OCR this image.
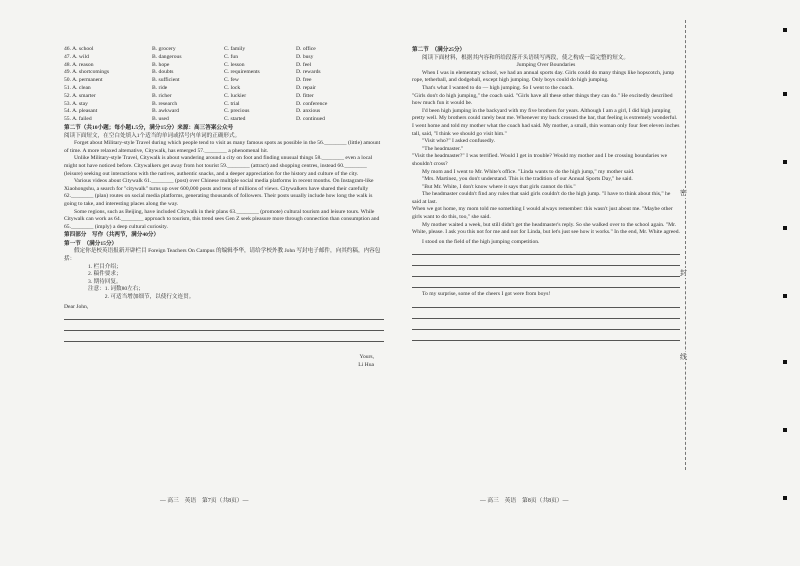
46. A. school	B. grocery	C. family	D. office
47. A. wild	B. dangerous	C. fun	D. busy
48. A. reason	B. hope	C. lesson	D. feel
49. A. shortcomings	B. doubts	C. requirements	D. rewards
50. A. permanent	B. sufficient	C. few	D. free
51. A. clean	B. ride	C. lock	D. repair
52. A. smarter	B. richer	C. luckier	D. fitter
53. A. stay	B. research	C. trial	D. conference
54. A. pleasant	B. awkward	C. precious	D. anxious
55. A. failed	B. used	C. started	D. continued
第二节（共10小题；每小题1.5分，满分15分）来源：高三答案公众号

阅读下面短文，在空白处填入1个适当的单词或括号内单词的正确形式。

Forget about Military-style Travel during which people tend to visit as many famous spots as possible in the 56.________ (little) amount of time. A more relaxed alternative, Citywalk, has emerged 57.________ a phenomenal hit.

Unlike Military-style Travel, Citywalk is about wandering around a city on foot and finding unusual things 58.________ even a local might not have noticed before. Citywalkers get away from hot tourist 59.________ (attract) and shopping centres, instead 60.________ (leisure) seeking out interactions with the natives, authentic snacks, and a deeper appreciation for the history and culture of the city.

Various videos about Citywalk 61.________ (post) over Chinese multiple social media platforms in recent months. On Instagram-like Xiaohongshu, a search for "citywalk" turns up over 600,000 posts and tens of millions of views. Citywalkers have shared their carefully 62.________ (plan) routes on social media platforms, generating thousands of followers. Their posts usually include how long the walk is going to take, and interesting places along the way.

Some regions, such as Beijing, have included Citywalk in their plans 63.________ (promote) cultural tourism and leisure tours. While Citywalk can work as 64.________ approach to tourism, this trend sees Gen Z seek pleasure more through connection than consumption and 65.________ (imply) a deep cultural curiosity.

第四部分　写作（共两节，满分40分）
第一节　（满分15分）

假定你是校英语报新开辟栏目 Foreign Teachers On Campus 的编辑李华，请给学校外教 John 写封电子邮件，向其约稿，内容包括：

1. 栏目介绍；
2. 稿件要求；
3. 期待回复。
注意： 1. 词数80左右；
2. 可适当增加细节，以使行文连贯。
Dear John,
Yours,
Li Hua
— 高三　英语　第7页（共8页）—
第二节　（满分25分）

阅读下面材料，根据其内容和所给段落开头语续写两段，使之构成一篇完整的短文。

Jumping Over Boundaries

When I was in elementary school, we had an annual sports day. Girls could do many things like hopscotch, jump rope, tetherball, and dodgeball, except high jumping. Only boys could do high jumping.

That's what I wanted to do — high jumping. So I went to the coach.

"Girls don't do high jumping," the coach said. "Girls have all these other things they can do." He excitedly described how much fun it would be.

I'd been high jumping in the backyard with my five brothers for years. Although I am a girl, I did high jumping pretty well. My brothers could rarely beat me. Whenever my back crossed the bar, that feeling is extremely wonderful. I went home and told my mother what the coach had said. My mother, a small, thin woman only four feet eleven inches tall, said, "I think we should go visit him."

"Visit who?" I asked confusedly.

"The headmaster."

"Visit the headmaster?" I was terrified. Would I get in trouble? Would my mother and I be crossing boundaries we shouldn't cross?

My mom and I went to Mr. White's office. "Linda wants to do the high jump," my mother said.

"Mrs. Martinez, you don't understand. This is the tradition of our Annual Sports Day," he said.

"But Mr. White, I don't know where it says that girls cannot do this."

The headmaster couldn't find any rules that said girls couldn't do the high jump. "I have to think about this," he said at last.

When we got home, my mom told me something I would always remember: this wasn't just about me. "Maybe other girls want to do this, too," she said.

My mother waited a week, but still didn't get the headmaster's reply. So she walked over to the school again. "Mr. White, please. I ask you this not for me and not for Linda, but let's just see how it works." In the end, Mr. White agreed.

I stood on the field of the high jumping competition.

To my surprise, some of the cheers I got were from boys!

— 高三　英语　第8页（共8页）—
密
封
线
